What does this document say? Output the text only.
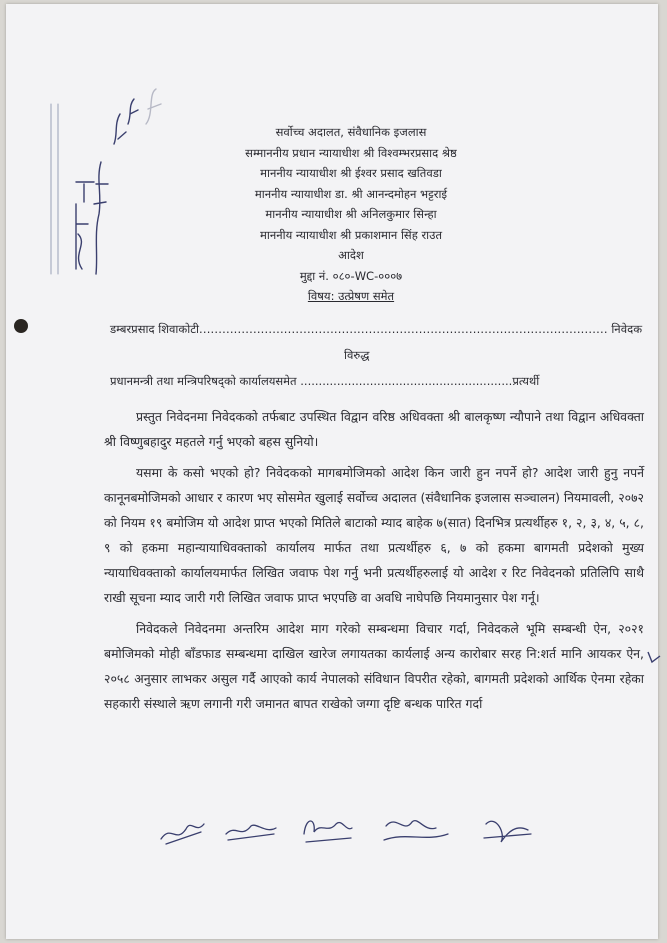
सर्वोच्च अदालत, संवैधानिक इजलास
सम्माननीय प्रधान न्यायाधीश श्री विश्वम्भरप्रसाद श्रेष्ठ
माननीय न्यायाधीश श्री ईश्वर प्रसाद खतिवडा
माननीय न्यायाधीश डा. श्री आनन्दमोहन भट्टराई
माननीय न्यायाधीश श्री अनिलकुमार सिन्हा
माननीय न्यायाधीश श्री प्रकाशमान सिंह राउत
आदेश
मुद्दा नं. ०८०-WC-०००७
विषय: उत्प्रेषण समेत
डम्बरप्रसाद शिवाकोटी.......................................................................................................... निवेदक
विरुद्ध
प्रधानमन्त्री तथा मन्त्रिपरिषद्को कार्यालयसमेत ..........................................................प्रत्यर्थी

प्रस्तुत निवेदनमा निवेदकको तर्फबाट उपस्थित विद्वान वरिष्ठ अधिवक्ता श्री बालकृष्ण न्यौपाने तथा विद्वान अधिवक्ता श्री विष्णुबहादुर महतले गर्नु भएको बहस सुनियो।

यसमा के कसो भएको हो? निवेदकको मागबमोजिमको आदेश किन जारी हुन नपर्ने हो? आदेश जारी हुनु नपर्ने कानूनबमोजिमको आधार र कारण भए सोसमेत खुलाई सर्वोच्च अदालत (संवैधानिक इजलास सञ्चालन) नियमावली, २०७२ को नियम १९ बमोजिम यो आदेश प्राप्त भएको मितिले बाटाको म्याद बाहेक ७(सात) दिनभित्र प्रत्यर्थीहरु १, २, ३, ४, ५, ८, ९ को हकमा महान्यायाधिवक्ताको कार्यालय मार्फत तथा प्रत्यर्थीहरु ६, ७ को हकमा बागमती प्रदेशको मुख्य न्यायाधिवक्ताको कार्यालयमार्फत लिखित जवाफ पेश गर्नु भनी प्रत्यर्थीहरुलाई यो आदेश र रिट निवेदनको प्रतिलिपि साथै राखी सूचना म्याद जारी गरी लिखित जवाफ प्राप्त भएपछि वा अवधि नाघेपछि नियमानुसार पेश गर्नू।

निवेदकले निवेदनमा अन्तरिम आदेश माग गरेको सम्बन्धमा विचार गर्दा, निवेदकले भूमि सम्बन्धी ऐन, २०२१ बमोजिमको मोही बाँडफाड सम्बन्धमा दाखिल खारेज लगायतका कार्यलाई अन्य कारोबार सरह नि:शर्त मानि आयकर ऐन, २०५८ अनुसार लाभकर असुल गर्दै आएको कार्य नेपालको संविधान विपरीत रहेको, बागमती प्रदेशको आर्थिक ऐनमा रहेका सहकारी संस्थाले ऋण लगानी गरी जमानत बापत राखेको जग्गा दृष्टि बन्धक पारित गर्दा
